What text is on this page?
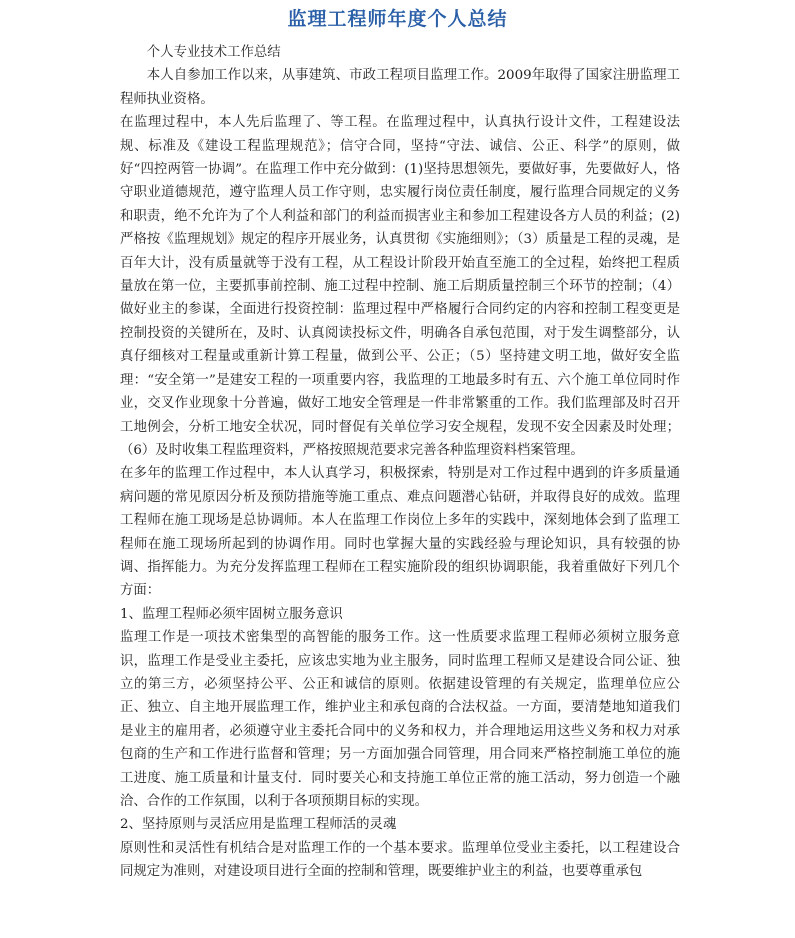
监理工程师年度个人总结

个人专业技术工作总结

本人自参加工作以来，从事建筑、市政工程项目监理工作。2009年取得了国家注册监理工程师执业资格。

在监理过程中，本人先后监理了、等工程。在监理过程中，认真执行设计文件，工程建设法规、标准及《建设工程监理规范》；信守合同，坚持“守法、诚信、公正、科学”的原则，做好“四控两管一协调”。在监理工作中充分做到：(1)坚持思想领先，要做好事，先要做好人，恪守职业道德规范，遵守监理人员工作守则，忠实履行岗位责任制度，履行监理合同规定的义务和职责，绝不允许为了个人利益和部门的利益而损害业主和参加工程建设各方人员的利益；(2)严格按《监理规划》规定的程序开展业务，认真贯彻《实施细则》；（3）质量是工程的灵魂，是百年大计，没有质量就等于没有工程，从工程设计阶段开始直至施工的全过程，始终把工程质量放在第一位，主要抓事前控制、施工过程中控制、施工后期质量控制三个环节的控制；（4）做好业主的参谋，全面进行投资控制：监理过程中严格履行合同约定的内容和控制工程变更是控制投资的关键所在，及时、认真阅读投标文件，明确各自承包范围，对于发生调整部分，认真仔细核对工程量或重新计算工程量，做到公平、公正；（5）坚持建文明工地，做好安全监理：“安全第一”是建安工程的一项重要内容，我监理的工地最多时有五、六个施工单位同时作业，交叉作业现象十分普遍，做好工地安全管理是一件非常繁重的工作。我们监理部及时召开工地例会，分析工地安全状况，同时督促有关单位学习安全规程，发现不安全因素及时处理；（6）及时收集工程监理资料，严格按照规范要求完善各种监理资料档案管理。

在多年的监理工作过程中，本人认真学习，积极探索，特别是对工作过程中遇到的许多质量通病问题的常见原因分析及预防措施等施工重点、难点问题潜心钻研，并取得良好的成效。监理工程师在施工现场是总协调师。本人在监理工作岗位上多年的实践中，深刻地体会到了监理工程师在施工现场所起到的协调作用。同时也掌握大量的实践经验与理论知识，具有较强的协调、指挥能力。为充分发挥监理工程师在工程实施阶段的组织协调职能，我着重做好下列几个方面：

1、监理工程师必须牢固树立服务意识

监理工作是一项技术密集型的高智能的服务工作。这一性质要求监理工程师必须树立服务意识，监理工作是受业主委托，应该忠实地为业主服务，同时监理工程师又是建设合同公证、独立的第三方，必须坚持公平、公正和诚信的原则。依据建设管理的有关规定，监理单位应公正、独立、自主地开展监理工作，维护业主和承包商的合法权益。一方面，要清楚地知道我们是业主的雇用者，必须遵守业主委托合同中的义务和权力，并合理地运用这些义务和权力对承包商的生产和工作进行监督和管理；另一方面加强合同管理，用合同来严格控制施工单位的施工进度、施工质量和计量支付．同时要关心和支持施工单位正常的施工活动，努力创造一个融洽、合作的工作氛围，以利于各项预期目标的实现。

2、坚持原则与灵活应用是监理工程师活的灵魂

原则性和灵活性有机结合是对监理工作的一个基本要求。监理单位受业主委托，以工程建设合同规定为准则，对建设项目进行全面的控制和管理，既要维护业主的利益，也要尊重承包
